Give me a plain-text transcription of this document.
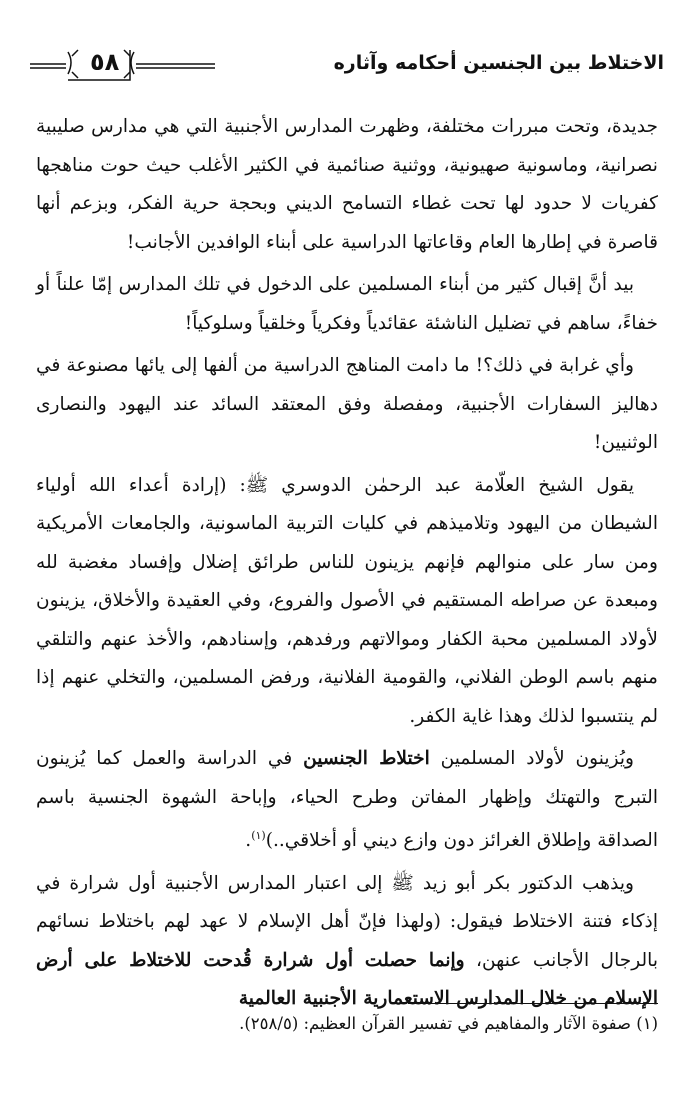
الاختلاط بين الجنسين أحكامه وآثاره
٥٨

جديدة، وتحت مبررات مختلفة، وظهرت المدارس الأجنبية التي هي مدارس صليبية نصرانية، وماسونية صهيونية، ووثنية صنائمية في الكثير الأغلب حيث حوت مناهجها كفريات لا حدود لها تحت غطاء التسامح الديني وبحجة حرية الفكر، وبزعم أنها قاصرة في إطارها العام وقاعاتها الدراسية على أبناء الوافدين الأجانب!

بيد أنَّ إقبال كثير من أبناء المسلمين على الدخول في تلك المدارس إمّا علناً أو خفاءً، ساهم في تضليل الناشئة عقائدياً وفكرياً وخلقياً وسلوكياً!

وأي غرابة في ذلك؟! ما دامت المناهج الدراسية من ألفها إلى يائها مصنوعة في دهاليز السفارات الأجنبية، ومفصلة وفق المعتقد السائد عند اليهود والنصارى الوثنيين!

يقول الشيخ العلّامة عبد الرحمٰن الدوسري ﷺ: (إرادة أعداء الله أولياء الشيطان من اليهود وتلاميذهم في كليات التربية الماسونية، والجامعات الأمريكية ومن سار على منوالهم فإنهم يزينون للناس طرائق إضلال وإفساد مغضبة لله ومبعدة عن صراطه المستقيم في الأصول والفروع، وفي العقيدة والأخلاق، يزينون لأولاد المسلمين محبة الكفار وموالاتهم ورفدهم، وإسنادهم، والأخذ عنهم والتلقي منهم باسم الوطن الفلاني، والقومية الفلانية، ورفض المسلمين، والتخلي عنهم إذا لم ينتسبوا لذلك وهذا غاية الكفر.

ويُزينون لأولاد المسلمين اختلاط الجنسين في الدراسة والعمل كما يُزينون التبرج والتهتك وإظهار المفاتن وطرح الحياء، وإباحة الشهوة الجنسية باسم الصداقة وإطلاق الغرائز دون وازع ديني أو أخلاقي..)$^{(١)}$.

ويذهب الدكتور بكر أبو زيد ﷺ إلى اعتبار المدارس الأجنبية أول شرارة في إذكاء فتنة الاختلاط فيقول: (ولهذا فإنّ أهل الإسلام لا عهد لهم باختلاط نسائهم بالرجال الأجانب عنهن، وإنما حصلت أول شرارة قُدحت للاختلاط على أرض الإسلام من خلال المدارس الاستعمارية الأجنبية العالمية

(١) صفوة الآثار والمفاهيم في تفسير القرآن العظيم: (٢٥٨/٥).
